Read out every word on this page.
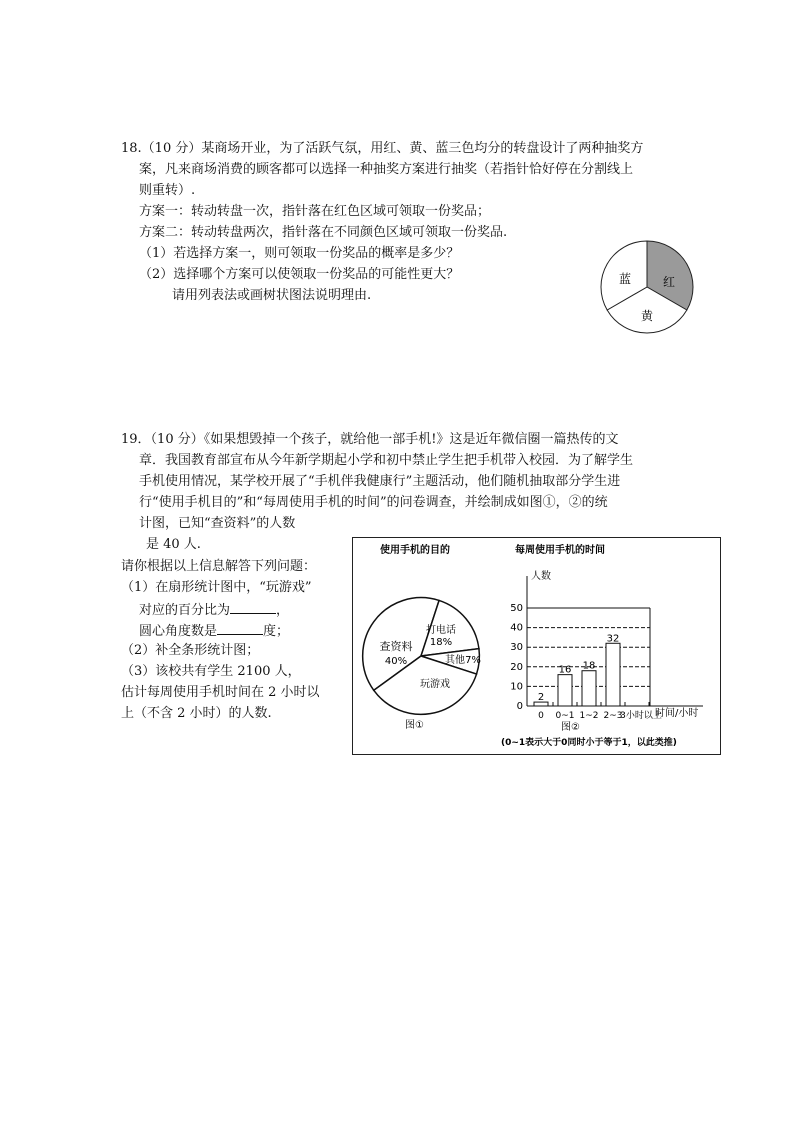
18.（10 分）某商场开业，为了活跃气氛，用红、黄、蓝三色均分的转盘设计了两种抽奖方
案，凡来商场消费的顾客都可以选择一种抽奖方案进行抽奖（若指针恰好停在分割线上
则重转）.
方案一：转动转盘一次，指针落在红色区域可领取一份奖品；
方案二：转动转盘两次，指针落在不同颜色区域可领取一份奖品.
（1）若选择方案一，则可领取一份奖品的概率是多少？
（2）选择哪个方案可以使领取一份奖品的可能性更大？
请用列表法或画树状图法说明理由.
蓝	红
黄
19．（10 分）《如果想毁掉一个孩子，就给他一部手机!》这是近年微信圈一篇热传的文
章．我国教育部宣布从今年新学期起小学和初中禁止学生把手机带入校园．为了解学生
手机使用情况，某学校开展了“手机伴我健康行”主题活动，他们随机抽取部分学生进
行“使用手机目的”和“每周使用手机的时间”的问卷调查，并绘制成如图①，②的统
计图，已知“查资料”的人数
是 40 人.
请你根据以上信息解答下列问题：
（1）在扇形统计图中，“玩游戏”
对应的百分比为	，
圆心角度数是	度；
（2）补全条形统计图；
（3）该校共有学生 2100 人，
估计每周使用手机时间在 2 小时以
上（不含 2 小时）的人数.
使用手机的目的
查资料
40%
打电话
18%
其他 7%
玩游戏
图①
每周使用手机的时间
人数
0
10
20
30
40
50
2
16 18
32
0 0~1 1~2 2~3
3小时以上
时间/小时
图②
(0~1表示大于0同时小于等于1，以此类推)
